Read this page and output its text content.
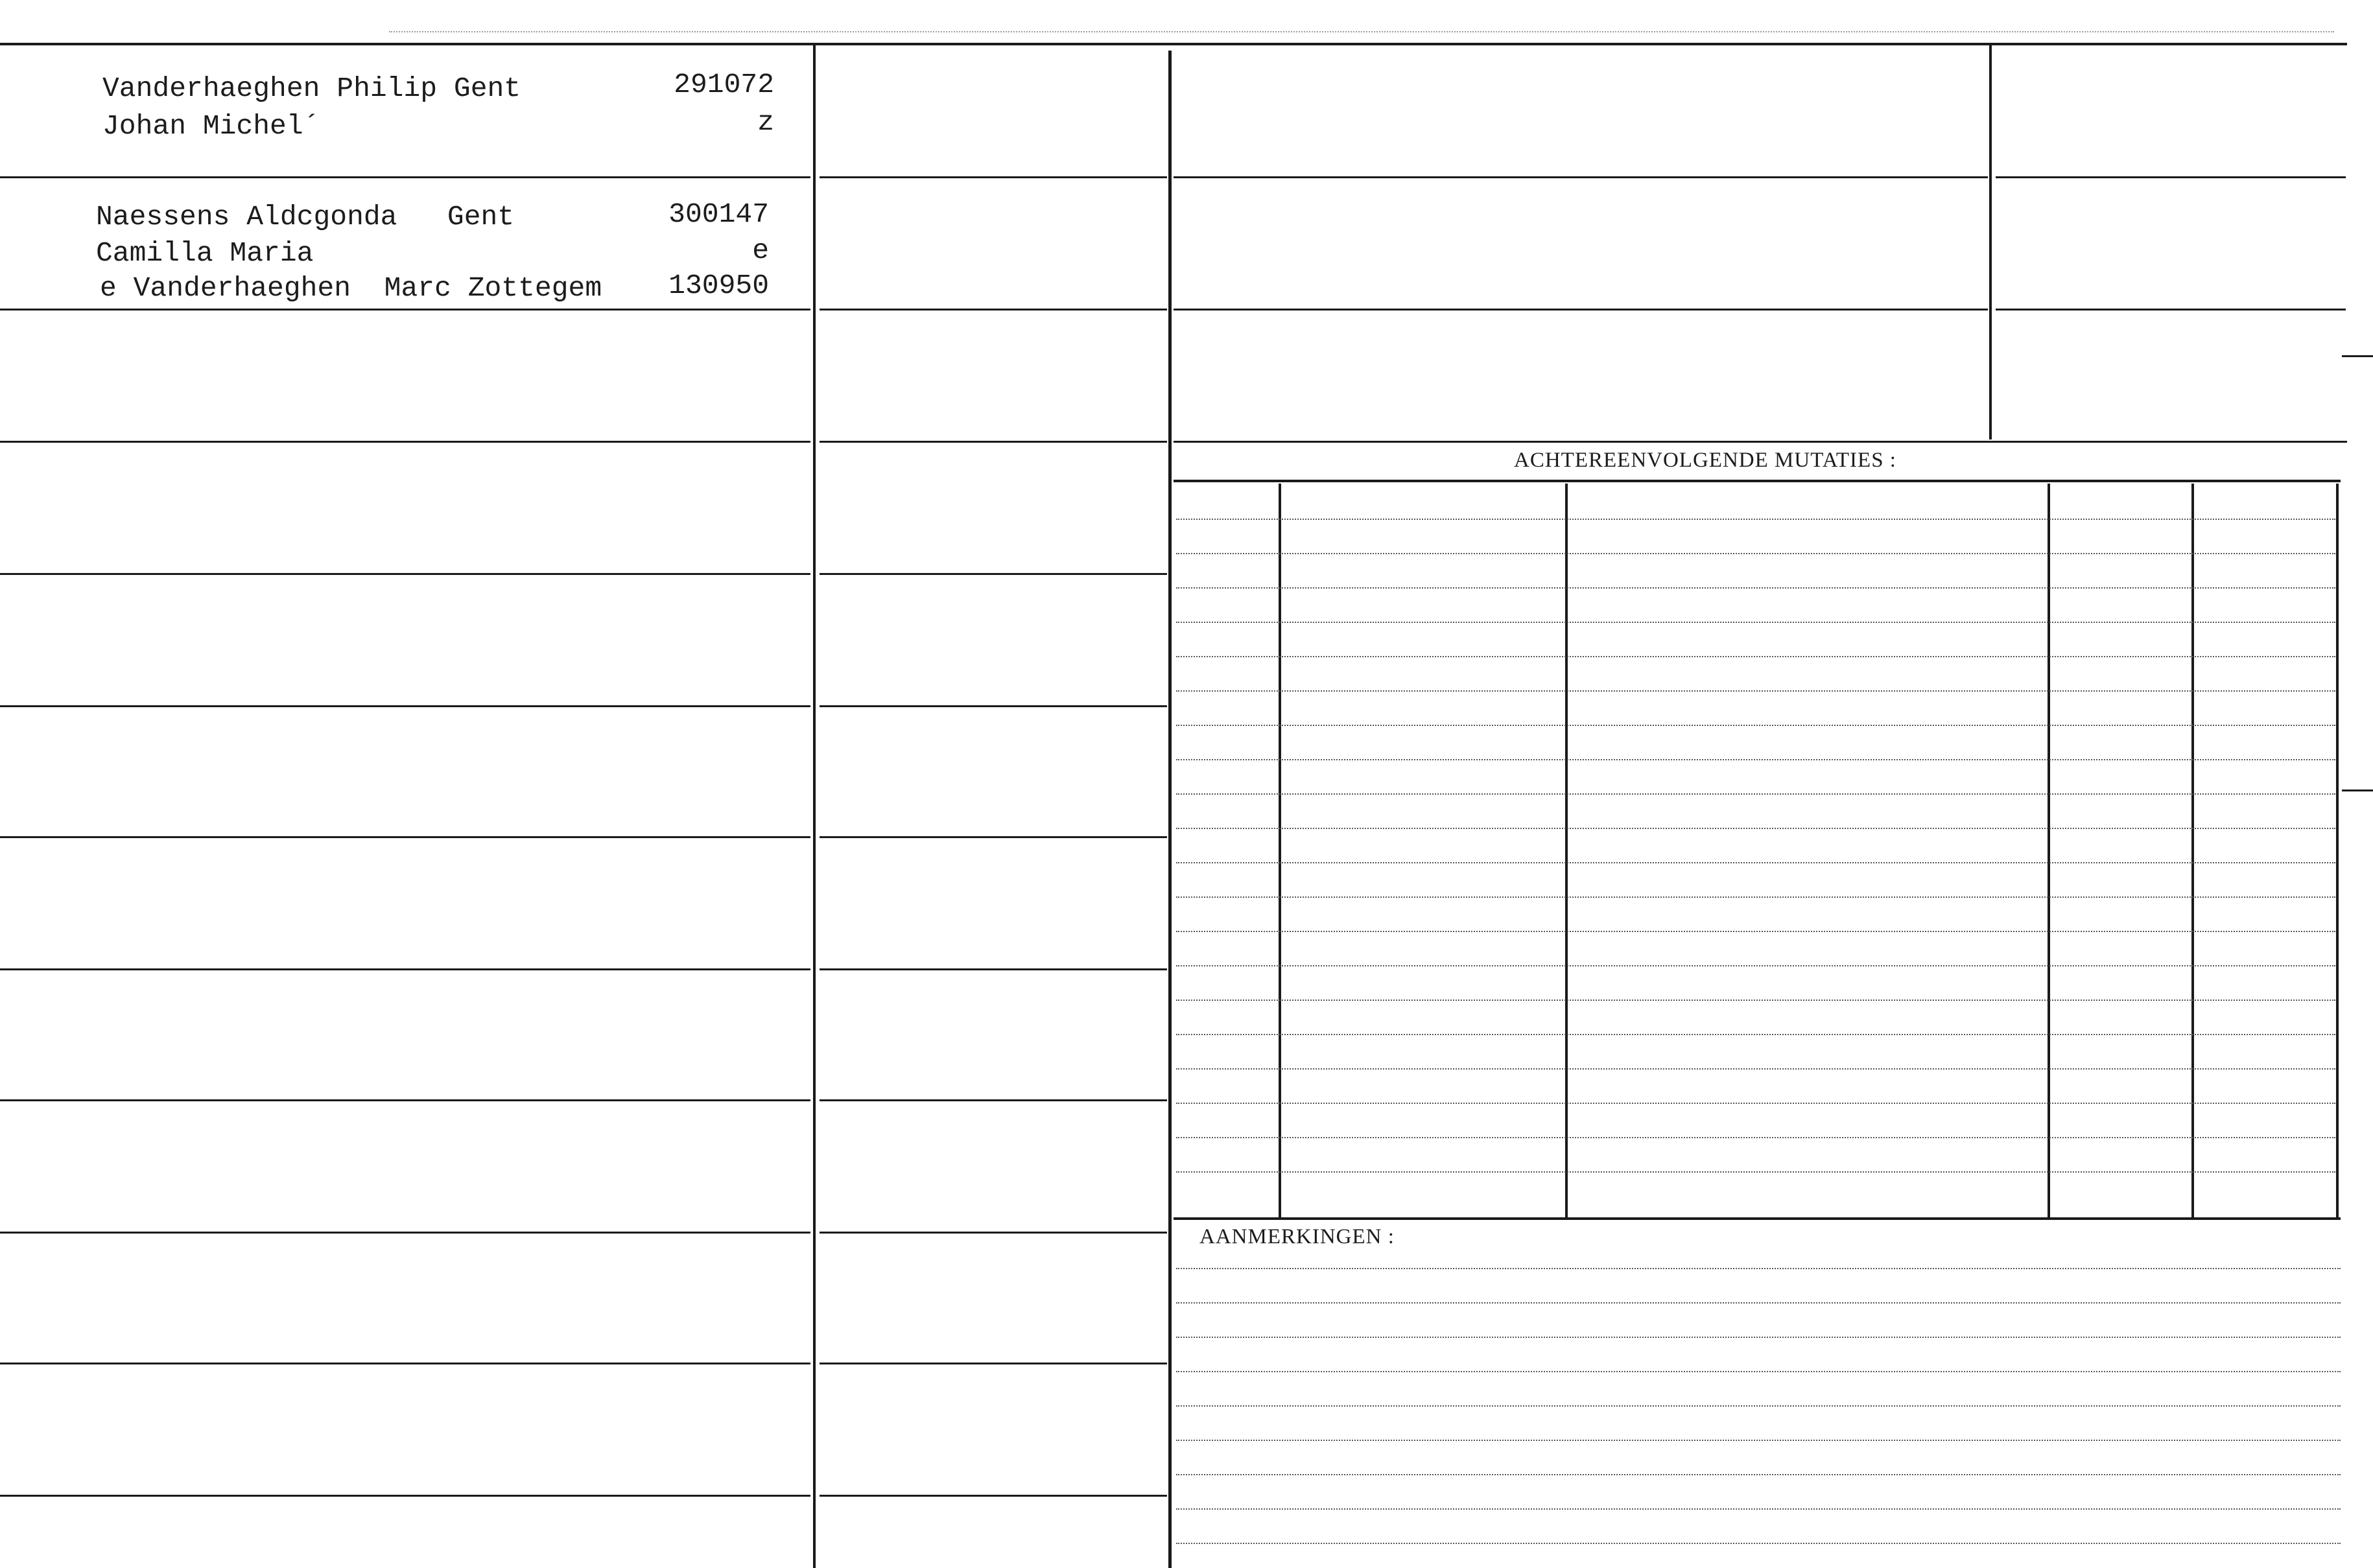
Vanderhaeghen Philip Gent	291072
Johan Michel´	z
Naessens Aldcgonda   Gent	300147
Camilla Maria	e
e Vanderhaeghen  Marc Zottegem	130950
ACHTEREENVOLGENDE MUTATIES :
AANMERKINGEN :
